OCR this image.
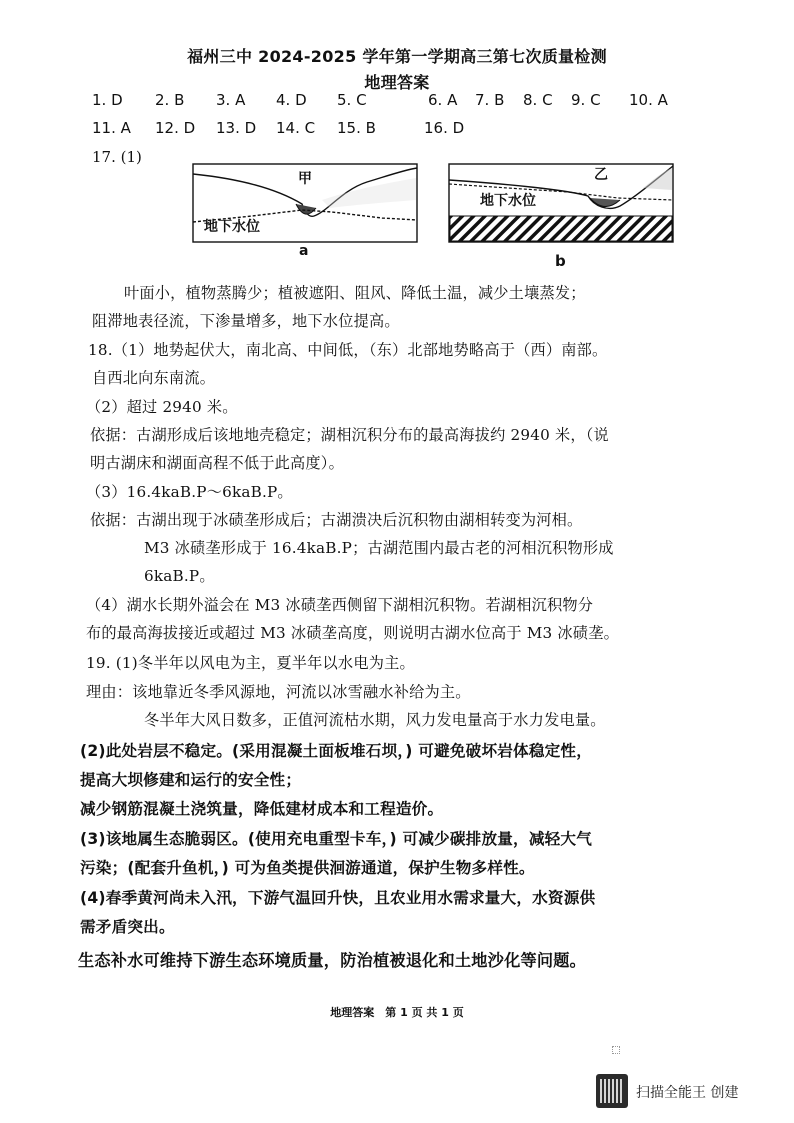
福州三中 2024-2025 学年第一学期高三第七次质量检测
地理答案
1. D 2. B 3. A 4. D 5. C	6. A 7. B 8. C 9. C 10. A
11. A 12. D 13. D 14. C 15. B	16. D
17. (1)
甲
地下水位
a
乙
地下水位
b
叶面小，植物蒸腾少；植被遮阳、阻风、降低土温，减少土壤蒸发；
阻滞地表径流，下渗量增多，地下水位提高。
18.（1）地势起伏大，南北高、中间低，（东）北部地势略高于（西）南部。
自西北向东南流。
（2）超过 2940 米。
依据：古湖形成后该地地壳稳定；湖相沉积分布的最高海拔约 2940 米，（说
明古湖床和湖面高程不低于此高度）。
（3）16.4kaB.P～6kaB.P。
依据：古湖出现于冰碛垄形成后；古湖溃决后沉积物由湖相转变为河相。
M3 冰碛垄形成于 16.4kaB.P；古湖范围内最古老的河相沉积物形成
6kaB.P。
（4）湖水长期外溢会在 M3 冰碛垄西侧留下湖相沉积物。若湖相沉积物分
布的最高海拔接近或超过 M3 冰碛垄高度，则说明古湖水位高于 M3 冰碛垄。
19. (1)冬半年以风电为主，夏半年以水电为主。
理由：该地靠近冬季风源地，河流以冰雪融水补给为主。
冬半年大风日数多，正值河流枯水期，风力发电量高于水力发电量。
(2)此处岩层不稳定。(采用混凝土面板堆石坝，) 可避免破坏岩体稳定性，
提高大坝修建和运行的安全性；
减少钢筋混凝土浇筑量，降低建材成本和工程造价。
(3)该地属生态脆弱区。(使用充电重型卡车，) 可减少碳排放量，减轻大气
污染；(配套升鱼机，) 可为鱼类提供洄游通道，保护生物多样性。
(4)春季黄河尚未入汛，下游气温回升快，且农业用水需求量大，水资源供
需矛盾突出。
生态补水可维持下游生态环境质量，防治植被退化和土地沙化等问题。
地理答案　第 1 页 共 1 页
扫描全能王 创建
